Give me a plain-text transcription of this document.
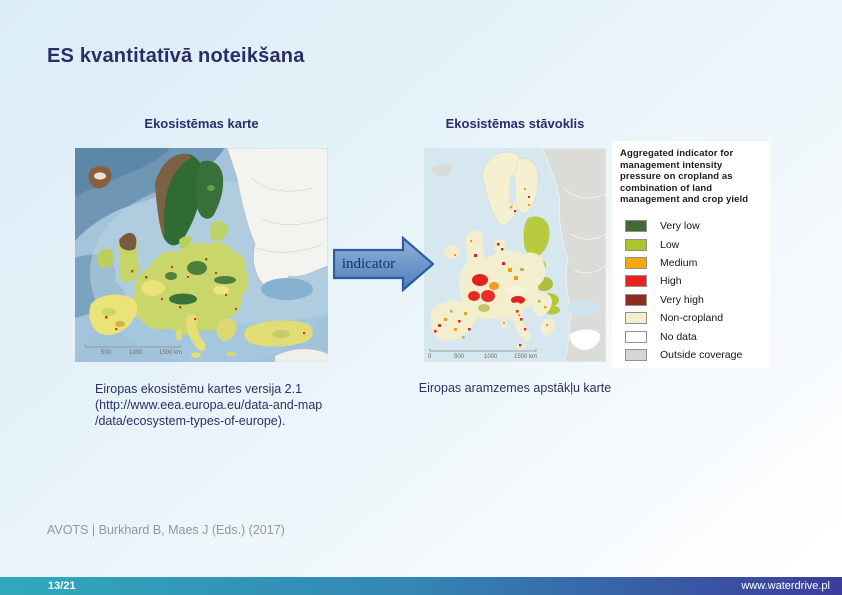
ES kvantitatīvā noteikšana
Ekosistēmas karte	Ekosistēmas stāvoklis
500	1000	1500 km
0	500	1000	1500 km
indicator
Aggregated indicator for management intensity pressure on cropland as combination of land management and crop yield
Very low
Low
Medium
High
Very high
Non-cropland
No data
Outside coverage
Eiropas ekosistēmu kartes versija 2.1
(http://www.eea.europa.eu/data-and-map
/data/ecosystem-types-of-europe).
Eiropas aramzemes apstākļu karte
AVOTS | Burkhard B, Maes J (Eds.) (2017)
13/21	www.waterdrive.pl
